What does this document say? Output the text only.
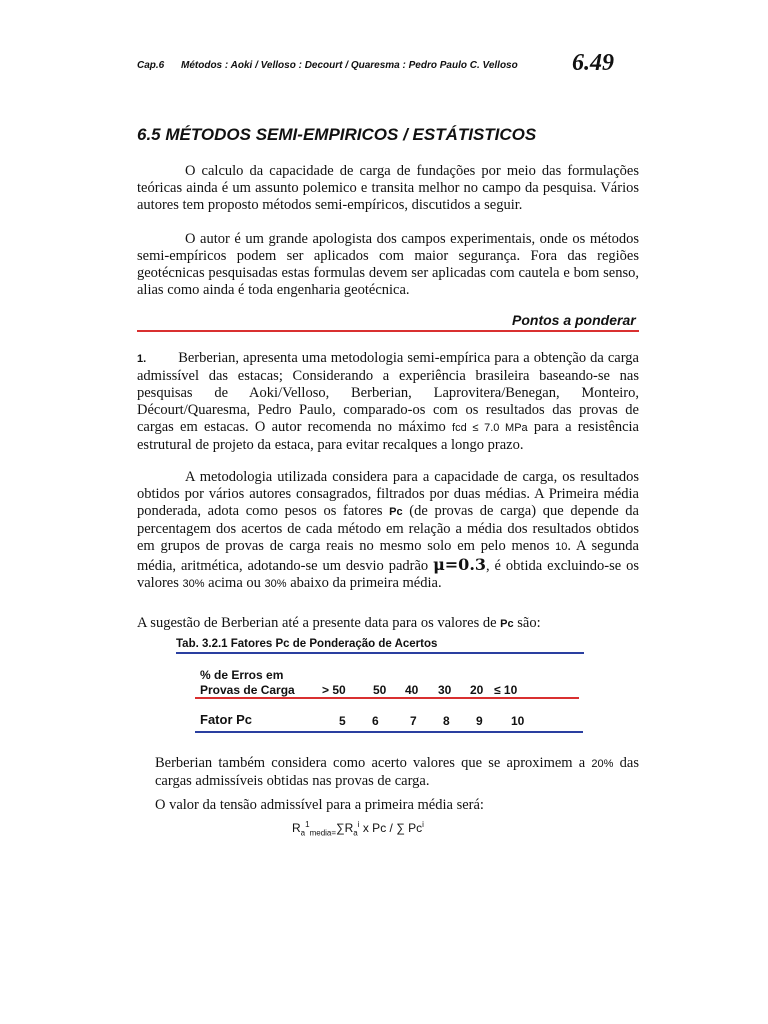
Cap.6 Métodos : Aoki / Velloso : Decourt / Quaresma : Pedro Paulo C. Velloso 6.49
6.5 MÉTODOS SEMI-EMPIRICOS / ESTÁTISTICOS

O calculo da capacidade de carga de fundações por meio das formulações teóricas ainda é um assunto polemico e transita melhor no campo da pesquisa. Vários autores tem proposto métodos semi-empíricos, discutidos a seguir.

O autor é um grande apologista dos campos experimentais, onde os métodos semi-empíricos podem ser aplicados com maior segurança. Fora das regiões geotécnicas pesquisadas estas formulas devem ser aplicadas com cautela e bom senso, alias como ainda é toda engenharia geotécnica.

Pontos a ponderar

1. Berberian, apresenta uma metodologia semi-empírica para a obtenção da carga admissível das estacas; Considerando a experiência brasileira baseando-se nas pesquisas de Aoki/Velloso, Berberian, Laprovitera/Benegan, Monteiro, Décourt/Quaresma, Pedro Paulo, comparado-os com os resultados das provas de cargas em estacas. O autor recomenda no máximo fcd ≤ 7.0 MPa para a resistência estrutural de projeto da estaca, para evitar recalques a longo prazo.

A metodologia utilizada considera para a capacidade de carga, os resultados obtidos por vários autores consagrados, filtrados por duas médias. A Primeira média ponderada, adota como pesos os fatores Pc (de provas de carga) que depende da percentagem dos acertos de cada método em relação a média dos resultados obtidos em grupos de provas de carga reais no mesmo solo em pelo menos 10. A segunda média, aritmética, adotando-se um desvio padrão μ=0.3, é obtida excluindo-se os valores 30% acima ou 30% abaixo da primeira média.

A sugestão de Berberian até a presente data para os valores de Pc são:

Tab. 3.2.1 Fatores Pc de Ponderação de Acertos
% de Erros em
Provas de Carga > 50 50 40 30 20 ≤ 10
Fator Pc	5 6	7 8 9 10

Berberian também considera como acerto valores que se aproximem a 20% das cargas admissíveis obtidas nas provas de carga.

O valor da tensão admissível para a primeira média será:

$R_a^1_{media=}\sum R_a^i$ x Pc / ∑ Pc$^i$
